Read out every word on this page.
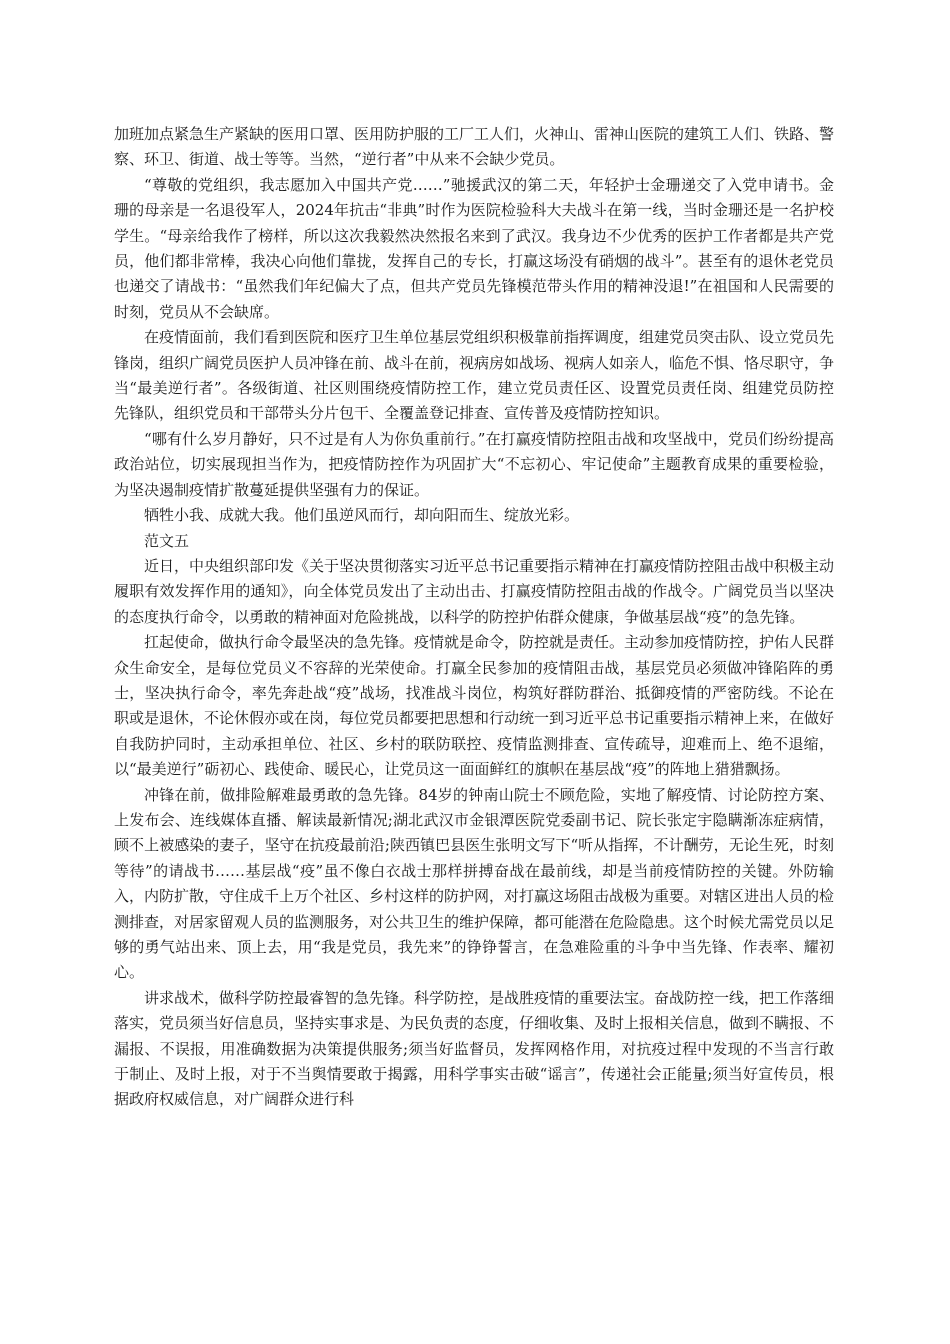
加班加点紧急生产紧缺的医用口罩、医用防护服的工厂工人们，火神山、雷神山医院的建筑工人们、铁路、警察、环卫、街道、战士等等。当然，“逆行者”中从来不会缺少党员。

“尊敬的党组织，我志愿加入中国共产党……”驰援武汉的第二天，年轻护士金珊递交了入党申请书。金珊的母亲是一名退役军人，2024年抗击“非典”时作为医院检验科大夫战斗在第一线，当时金珊还是一名护校学生。“母亲给我作了榜样，所以这次我毅然决然报名来到了武汉。我身边不少优秀的医护工作者都是共产党员，他们都非常棒，我决心向他们靠拢，发挥自己的专长，打赢这场没有硝烟的战斗”。甚至有的退休老党员也递交了请战书：“虽然我们年纪偏大了点，但共产党员先锋模范带头作用的精神没退!”在祖国和人民需要的时刻，党员从不会缺席。

在疫情面前，我们看到医院和医疗卫生单位基层党组织积极靠前指挥调度，组建党员突击队、设立党员先锋岗，组织广阔党员医护人员冲锋在前、战斗在前，视病房如战场、视病人如亲人，临危不惧、恪尽职守，争当“最美逆行者”。各级街道、社区则围绕疫情防控工作，建立党员责任区、设置党员责任岗、组建党员防控先锋队，组织党员和干部带头分片包干、全覆盖登记排查、宣传普及疫情防控知识。

“哪有什么岁月静好，只不过是有人为你负重前行。”在打赢疫情防控阻击战和攻坚战中，党员们纷纷提高政治站位，切实展现担当作为，把疫情防控作为巩固扩大“不忘初心、牢记使命”主题教育成果的重要检验，为坚决遏制疫情扩散蔓延提供坚强有力的保证。

牺牲小我、成就大我。他们虽逆风而行，却向阳而生、绽放光彩。

范文五

近日，中央组织部印发《关于坚决贯彻落实习近平总书记重要指示精神在打赢疫情防控阻击战中积极主动履职有效发挥作用的通知》，向全体党员发出了主动出击、打赢疫情防控阻击战的作战令。广阔党员当以坚决的态度执行命令，以勇敢的精神面对危险挑战，以科学的防控护佑群众健康，争做基层战“疫”的急先锋。

扛起使命，做执行命令最坚决的急先锋。疫情就是命令，防控就是责任。主动参加疫情防控，护佑人民群众生命安全，是每位党员义不容辞的光荣使命。打赢全民参加的疫情阻击战，基层党员必须做冲锋陷阵的勇士，坚决执行命令，率先奔赴战“疫”战场，找准战斗岗位，构筑好群防群治、抵御疫情的严密防线。不论在职或是退休，不论休假亦或在岗，每位党员都要把思想和行动统一到习近平总书记重要指示精神上来，在做好自我防护同时，主动承担单位、社区、乡村的联防联控、疫情监测排查、宣传疏导，迎难而上、绝不退缩，以“最美逆行”砺初心、践使命、暖民心，让党员这一面面鲜红的旗帜在基层战“疫”的阵地上猎猎飘扬。

冲锋在前，做排险解难最勇敢的急先锋。84岁的钟南山院士不顾危险，实地了解疫情、讨论防控方案、上发布会、连线媒体直播、解读最新情况;湖北武汉市金银潭医院党委副书记、院长张定宇隐瞒渐冻症病情，顾不上被感染的妻子，坚守在抗疫最前沿;陕西镇巴县医生张明文写下“听从指挥，不计酬劳，无论生死，时刻等待”的请战书……基层战“疫”虽不像白衣战士那样拼搏奋战在最前线，却是当前疫情防控的关键。外防输入，内防扩散，守住成千上万个社区、乡村这样的防护网，对打赢这场阻击战极为重要。对辖区进出人员的检测排查，对居家留观人员的监测服务，对公共卫生的维护保障，都可能潜在危险隐患。这个时候尤需党员以足够的勇气站出来、顶上去，用“我是党员，我先来”的铮铮誓言，在急难险重的斗争中当先锋、作表率、耀初心。

讲求战术，做科学防控最睿智的急先锋。科学防控，是战胜疫情的重要法宝。奋战防控一线，把工作落细落实，党员须当好信息员，坚持实事求是、为民负责的态度，仔细收集、及时上报相关信息，做到不瞒报、不漏报、不误报，用准确数据为决策提供服务;须当好监督员，发挥网格作用，对抗疫过程中发现的不当言行敢于制止、及时上报，对于不当舆情要敢于揭露，用科学事实击破“谣言”，传递社会正能量;须当好宣传员，根据政府权威信息，对广阔群众进行科
